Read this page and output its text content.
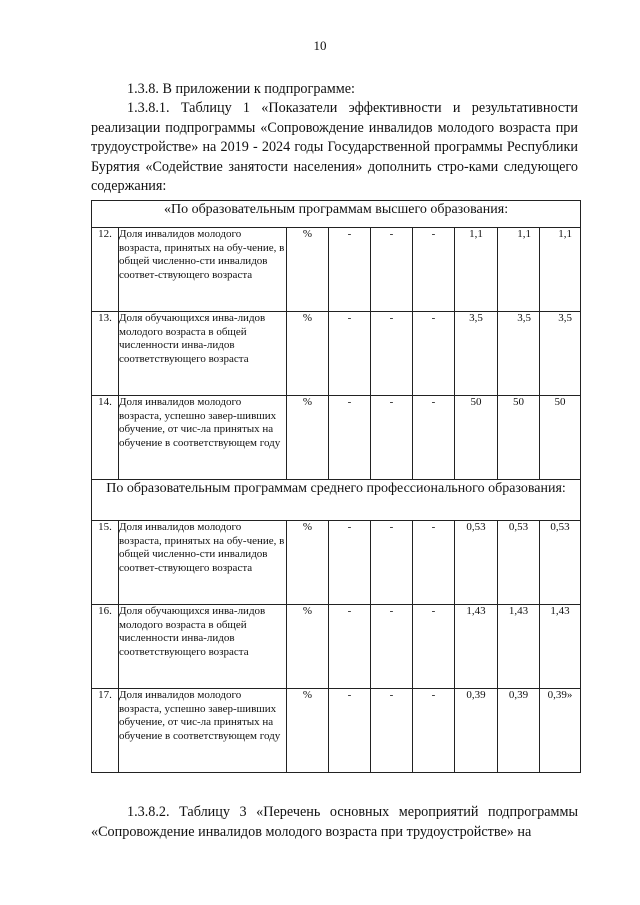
10
1.3.8. В приложении к подпрограмме:
1.3.8.1. Таблицу 1 «Показатели эффективности и результативности реализации подпрограммы «Сопровождение инвалидов молодого возраста при трудоустройстве» на 2019 - 2024 годы Государственной программы Республики Бурятия «Содействие занятости населения» дополнить стро-ками следующего содержания:
«По образовательным программам высшего образования:								
12.	Доля инвалидов молодого возраста, принятых на обу-чение, в общей численно-сти инвалидов соответ-ствующего возраста	%	-	-	-	1,1	1,1	1,1
13.	Доля обучающихся инва-лидов молодого возраста в общей численности инва-лидов соответствующего возраста	%	-	-	-	3,5	3,5	3,5
14.	Доля инвалидов молодого возраста, успешно завер-шивших обучение, от чис-ла принятых на обучение в соответствующем году	%	-	-	-	50	50	50
По образовательным программам среднего профессионального образования:								
15.	Доля инвалидов молодого возраста, принятых на обу-чение, в общей численно-сти инвалидов соответ-ствующего возраста	%	-	-	-	0,53	0,53	0,53
16.	Доля обучающихся инва-лидов молодого возраста в общей численности инва-лидов соответствующего возраста	%	-	-	-	1,43	1,43	1,43
17.	Доля инвалидов молодого возраста, успешно завер-шивших обучение, от чис-ла принятых на обучение в соответствующем году	%	-	-	-	0,39	0,39	0,39»
1.3.8.2. Таблицу 3 «Перечень основных мероприятий подпрограммы «Сопровождение инвалидов молодого возраста при трудоустройстве» на
